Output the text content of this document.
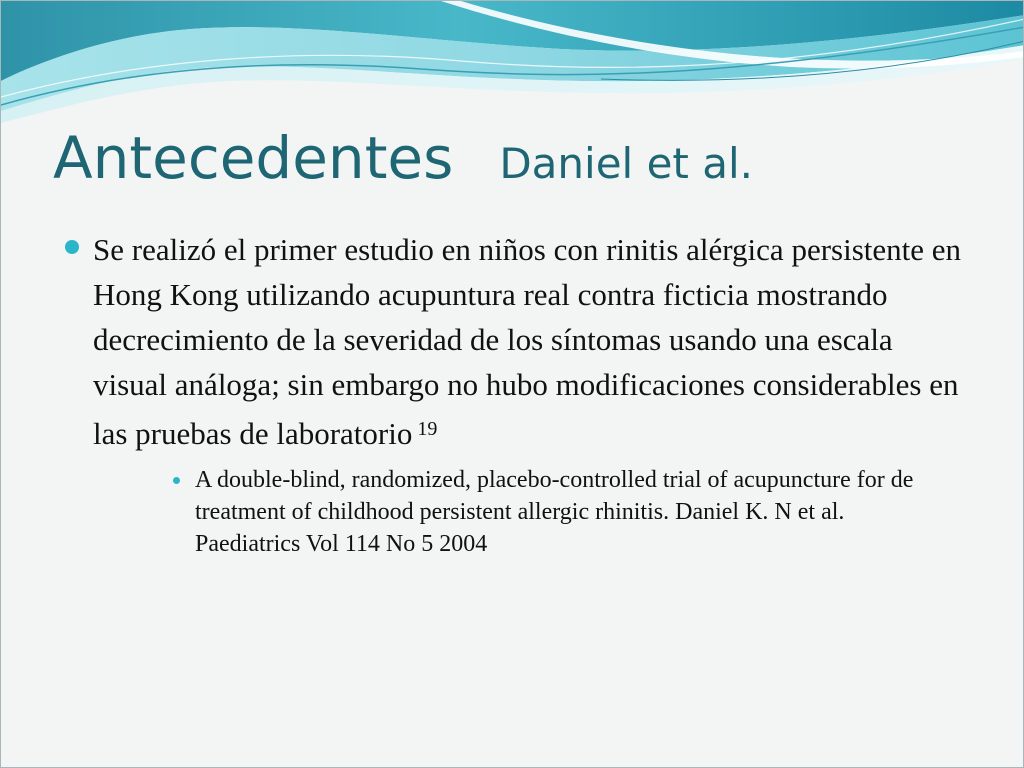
Antecedentes Daniel et al.
Se realizó el primer estudio en niños con rinitis alérgica persistente en Hong Kong utilizando acupuntura real contra ficticia mostrando decrecimiento de la severidad de los síntomas usando una escala visual análoga; sin embargo no hubo modificaciones considerables en las pruebas de laboratorio $^{19}$
A double-blind, randomized, placebo-controlled trial of acupuncture for de treatment of childhood persistent allergic rhinitis. Daniel K. N et al. Paediatrics Vol 114 No 5 2004
